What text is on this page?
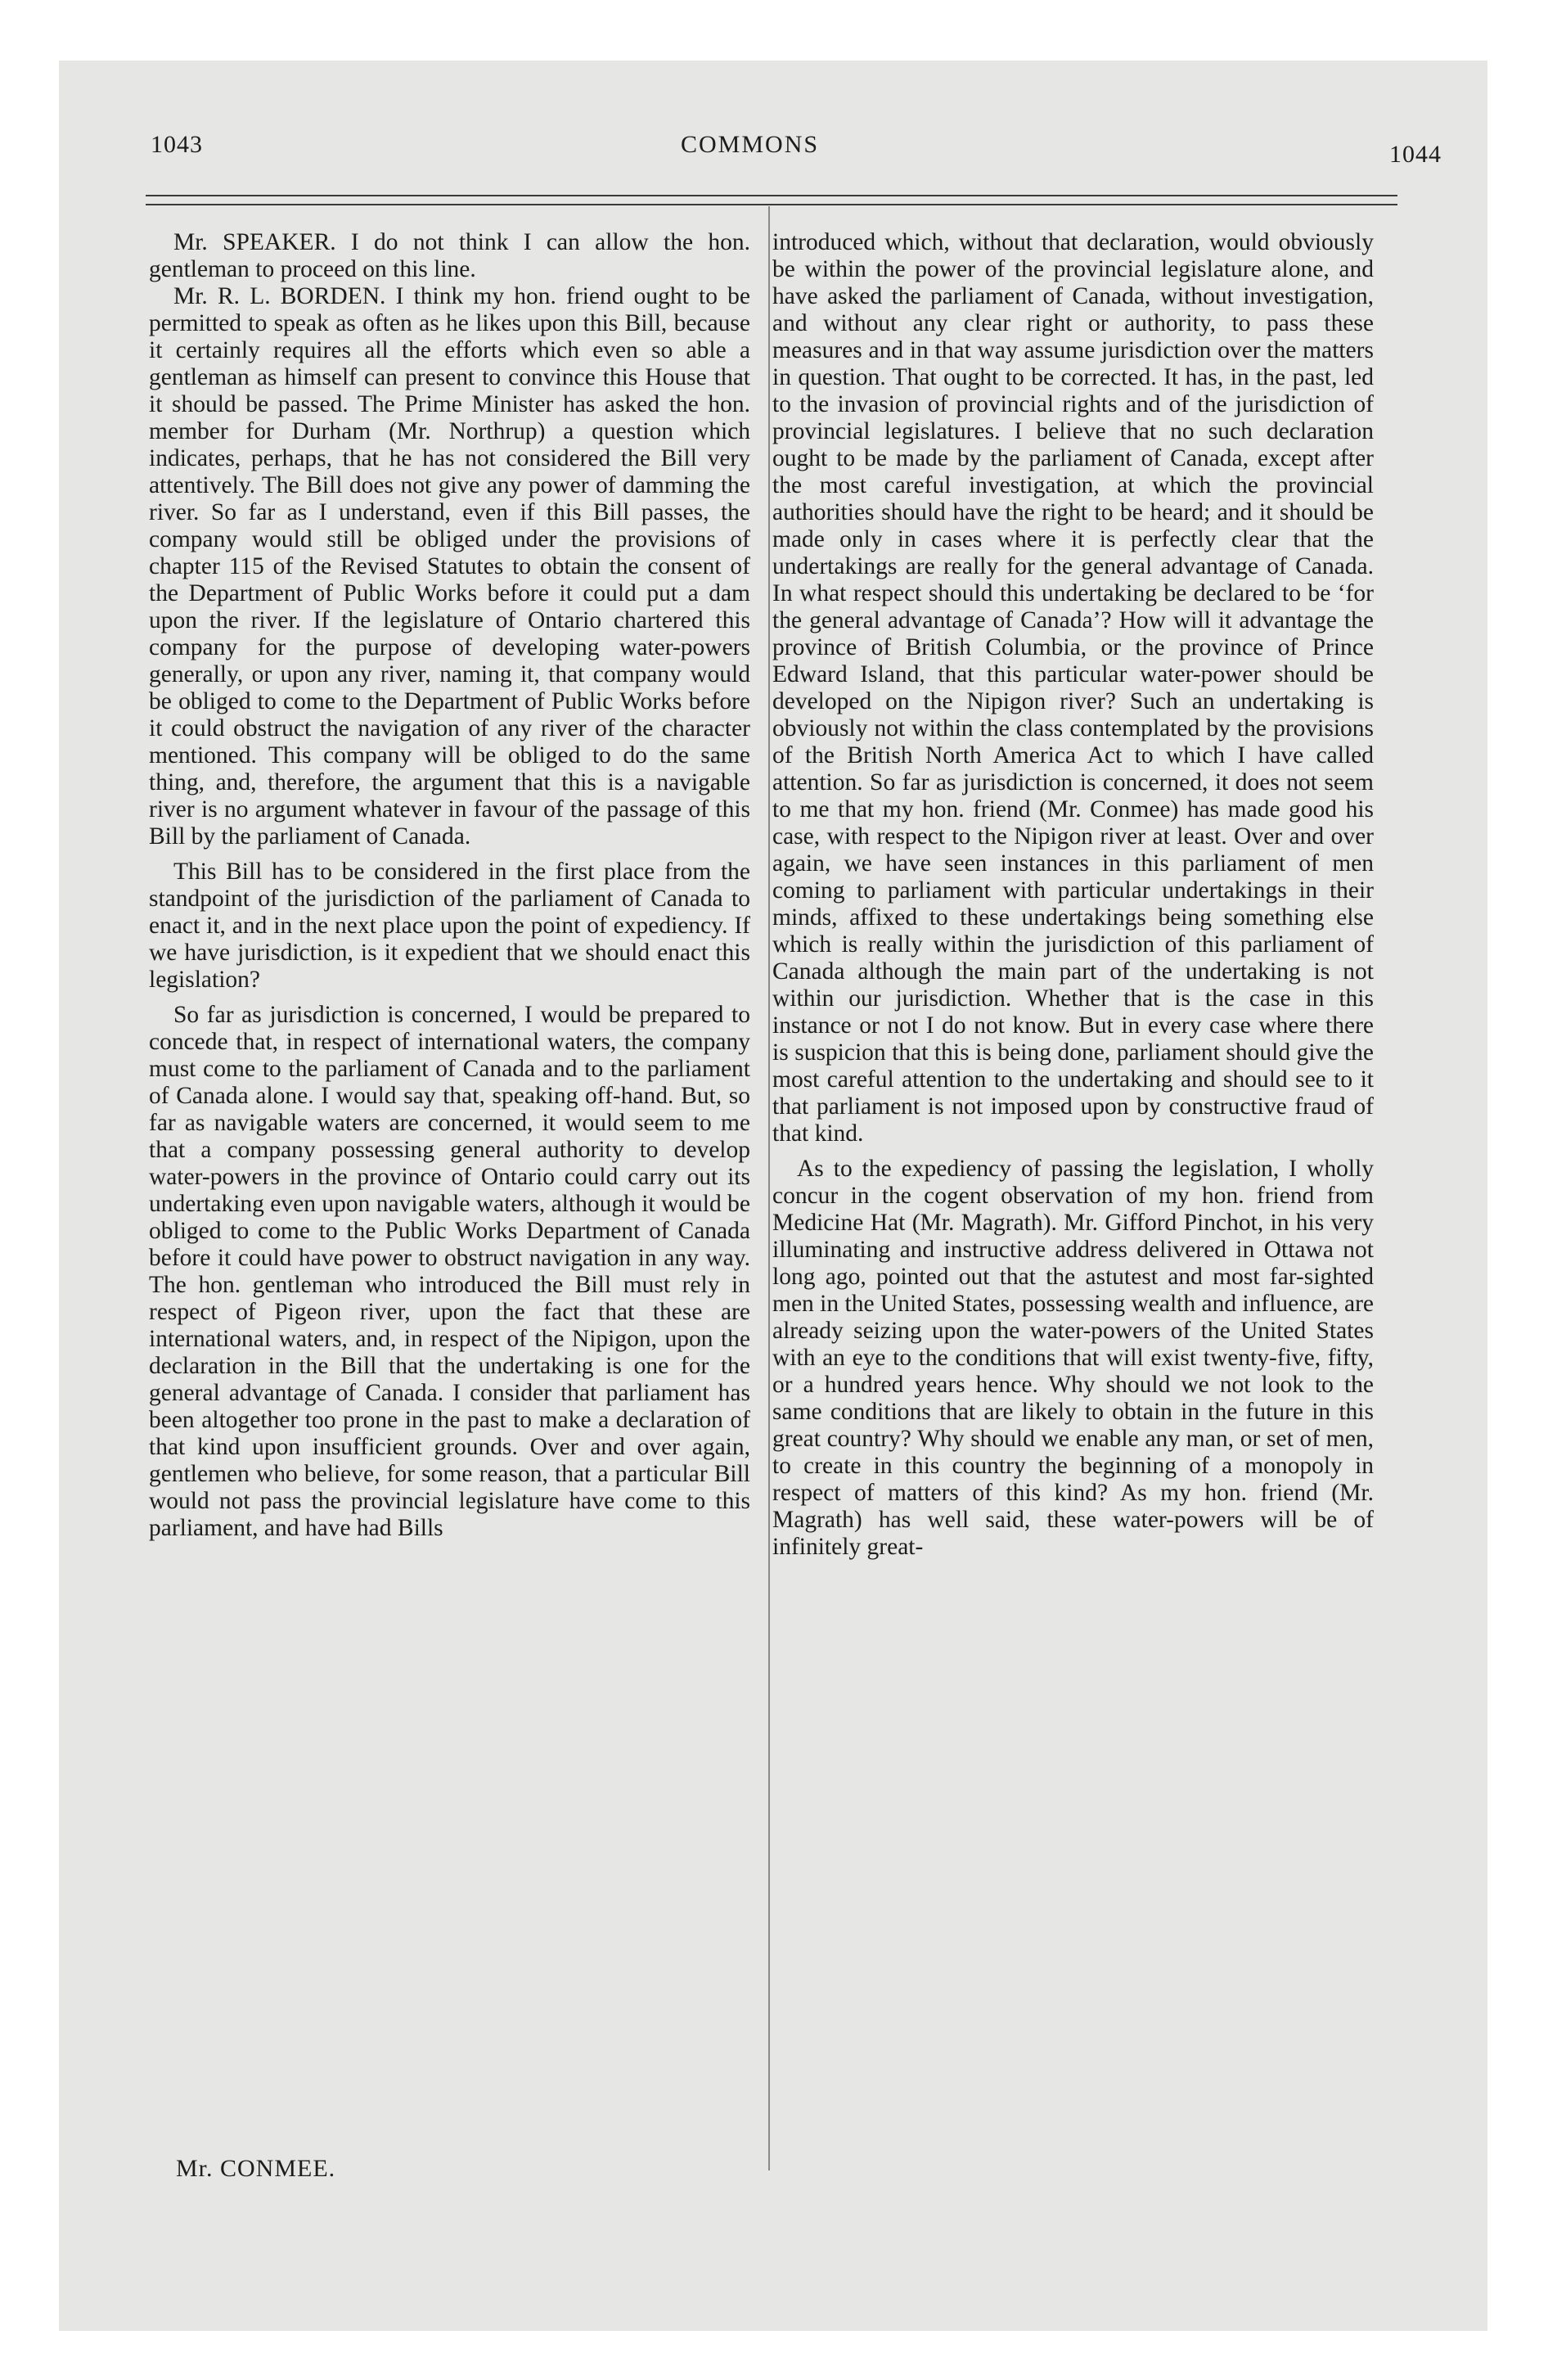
1043	COMMONS	1044

Mr. SPEAKER. I do not think I can allow the hon. gentleman to proceed on this line.

Mr. R. L. BORDEN. I think my hon. friend ought to be permitted to speak as often as he likes upon this Bill, because it certainly requires all the efforts which even so able a gentleman as himself can present to convince this House that it should be passed. The Prime Minister has asked the hon. member for Durham (Mr. Northrup) a question which indicates, perhaps, that he has not considered the Bill very attentively. The Bill does not give any power of damming the river. So far as I understand, even if this Bill passes, the company would still be obliged under the provisions of chapter 115 of the Revised Statutes to obtain the consent of the Department of Public Works before it could put a dam upon the river. If the legislature of Ontario chartered this company for the purpose of developing water-powers generally, or upon any river, naming it, that company would be obliged to come to the Department of Public Works before it could obstruct the navigation of any river of the character mentioned. This company will be obliged to do the same thing, and, therefore, the argument that this is a navigable river is no argument whatever in favour of the passage of this Bill by the parliament of Canada.

This Bill has to be considered in the first place from the standpoint of the jurisdiction of the parliament of Canada to enact it, and in the next place upon the point of expediency. If we have jurisdiction, is it expedient that we should enact this legislation?

So far as jurisdiction is concerned, I would be prepared to concede that, in respect of international waters, the company must come to the parliament of Canada and to the parliament of Canada alone. I would say that, speaking off-hand. But, so far as navigable waters are concerned, it would seem to me that a company possessing general authority to develop water-powers in the province of Ontario could carry out its undertaking even upon navigable waters, although it would be obliged to come to the Public Works Department of Canada before it could have power to obstruct navigation in any way. The hon. gentleman who introduced the Bill must rely in respect of Pigeon river, upon the fact that these are international waters, and, in respect of the Nipigon, upon the declaration in the Bill that the undertaking is one for the general advantage of Canada. I consider that parliament has been altogether too prone in the past to make a declaration of that kind upon insufficient grounds. Over and over again, gentlemen who believe, for some reason, that a particular Bill would not pass the provincial legislature have come to this parliament, and have had Bills

introduced which, without that declaration, would obviously be within the power of the provincial legislature alone, and have asked the parliament of Canada, without investigation, and without any clear right or authority, to pass these measures and in that way assume jurisdiction over the matters in question. That ought to be corrected. It has, in the past, led to the invasion of provincial rights and of the jurisdiction of provincial legislatures. I believe that no such declaration ought to be made by the parliament of Canada, except after the most careful investigation, at which the provincial authorities should have the right to be heard; and it should be made only in cases where it is perfectly clear that the undertakings are really for the general advantage of Canada. In what respect should this undertaking be declared to be ‘for the general advantage of Canada’? How will it advantage the province of British Columbia, or the province of Prince Edward Island, that this particular water-power should be developed on the Nipigon river? Such an undertaking is obviously not within the class contemplated by the provisions of the British North America Act to which I have called attention. So far as jurisdiction is concerned, it does not seem to me that my hon. friend (Mr. Conmee) has made good his case, with respect to the Nipigon river at least. Over and over again, we have seen instances in this parliament of men coming to parliament with particular undertakings in their minds, affixed to these undertakings being something else which is really within the jurisdiction of this parliament of Canada although the main part of the undertaking is not within our jurisdiction. Whether that is the case in this instance or not I do not know. But in every case where there is suspicion that this is being done, parliament should give the most careful attention to the undertaking and should see to it that parliament is not imposed upon by constructive fraud of that kind.

As to the expediency of passing the legislation, I wholly concur in the cogent observation of my hon. friend from Medicine Hat (Mr. Magrath). Mr. Gifford Pinchot, in his very illuminating and instructive address delivered in Ottawa not long ago, pointed out that the astutest and most far-sighted men in the United States, possessing wealth and influence, are already seizing upon the water-powers of the United States with an eye to the conditions that will exist twenty-five, fifty, or a hundred years hence. Why should we not look to the same conditions that are likely to obtain in the future in this great country? Why should we enable any man, or set of men, to create in this country the beginning of a monopoly in respect of matters of this kind? As my hon. friend (Mr. Magrath) has well said, these water-powers will be of infinitely great-

Mr. CONMEE.
